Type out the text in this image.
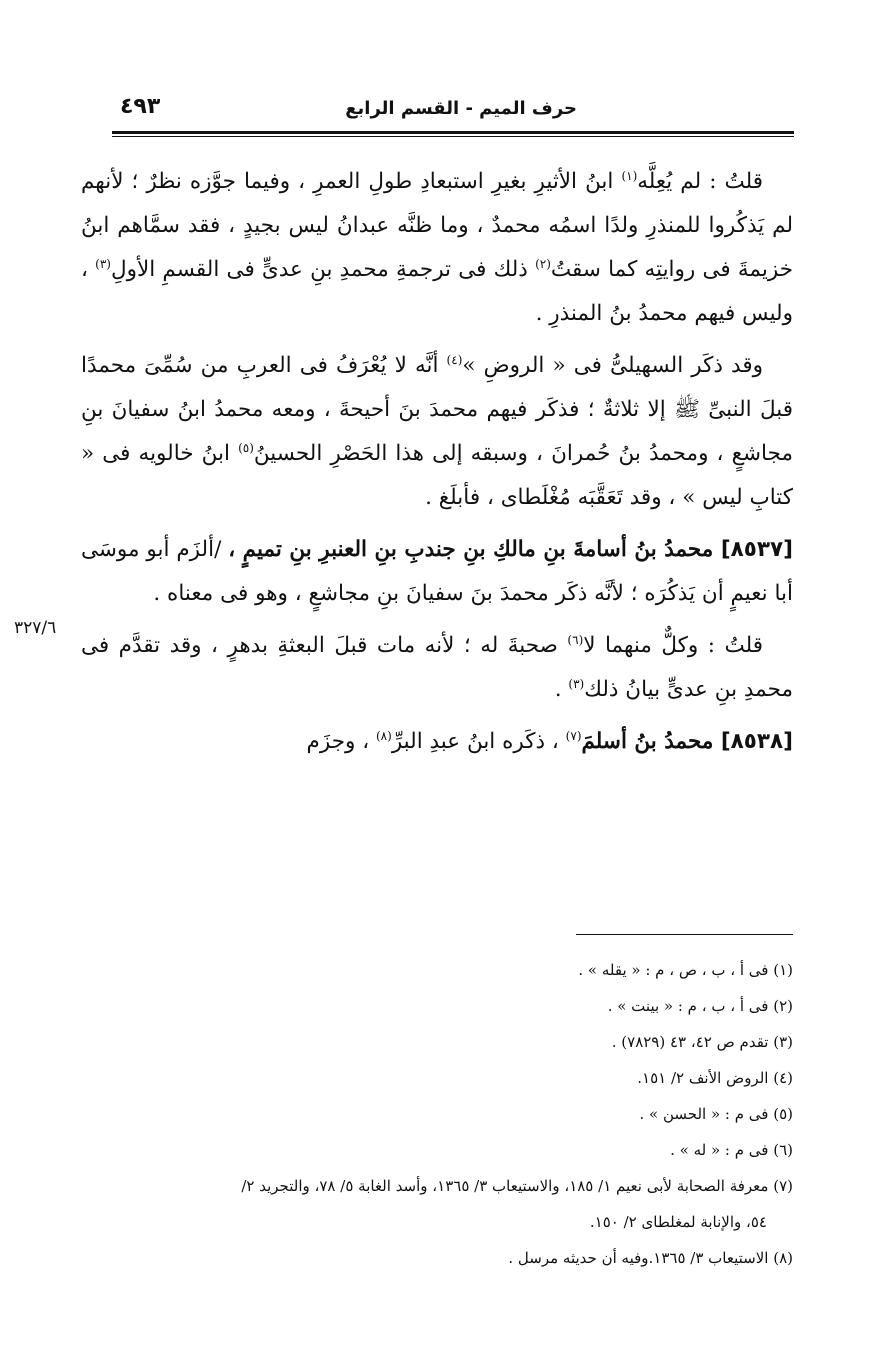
حرف الميم - القسم الرابع
٤٩٣
٣٢٧/٦

قلتُ : لم يُعِلَّه$^{(١)}$ ابنُ الأثيرِ بغيرِ استبعادِ طولِ العمرِ ، وفيما جوَّزه نظرٌ ؛ لأنهم لم يَذكُروا للمنذرِ ولدًا اسمُه محمدٌ ، وما ظنَّه عبدانُ ليس بجيدٍ ، فقد سمَّاهم ابنُ خزيمةَ فى روايتِه كما سقتُ$^{(٢)}$ ذلك فى ترجمةِ محمدِ بنِ عدىٍّ فى القسمِ الأولِ$^{(٣)}$ ، وليس فيهم محمدُ بنُ المنذرِ .

وقد ذكَر السهيلىُّ فى « الروضِ »$^{(٤)}$ أنَّه لا يُعْرَفُ فى العربِ من سُمِّىَ محمدًا قبلَ النبىِّ ﷺ إلا ثلاثةٌ ؛ فذكَر فيهم محمدَ بنَ أحيحةَ ، ومعه محمدُ ابنُ سفيانَ بنِ مجاشعٍ ، ومحمدُ بنُ حُمرانَ ، وسبقه إلى هذا الحَصْرِ الحسينُ$^{(٥)}$ ابنُ خالويه فى « كتابِ ليس » ، وقد تَعَقَّبَه مُغْلَطاى ، فأبلَغ .

[٨٥٣٧] محمدُ بنُ أسامةَ بنِ مالكِ بنِ جندبِ بنِ العنبرِ بنِ تميمٍ ، /ألزَم أبو موسَى أبا نعيمٍ أن يَذكُرَه ؛ لأنَّه ذكَر محمدَ بنَ سفيانَ بنِ مجاشعٍ ، وهو فى معناه .

قلتُ : وكلٌّ منهما لا$^{(٦)}$ صحبةَ له ؛ لأنه مات قبلَ البعثةِ بدهرٍ ، وقد تقدَّم فى محمدِ بنِ عدىٍّ بيانُ ذلك$^{(٣)}$ .

[٨٥٣٨] محمدُ بنُ أسلمَ$^{(٧)}$ ، ذكَره ابنُ عبدِ البرِّ$^{(٨)}$ ، وجزَم

(١) فى أ ، ب ، ص ، م : « يقله » .

(٢) فى أ ، ب ، م : « بينت » .

(٣) تقدم ص ٤٢، ٤٣ (٧٨٢٩) .

(٤) الروض الأنف ٢/ ١٥١.

(٥) فى م : « الحسن » .

(٦) فى م : « له » .

(٧) معرفة الصحابة لأبى نعيم ١/ ١٨٥، والاستيعاب ٣/ ١٣٦٥، وأسد الغابة ٥/ ٧٨، والتجريد ٢/

٥٤، والإنابة لمغلطاى ٢/ ١٥٠.

(٨) الاستيعاب ٣/ ١٣٦٥.وفيه أن حديثه مرسل .
